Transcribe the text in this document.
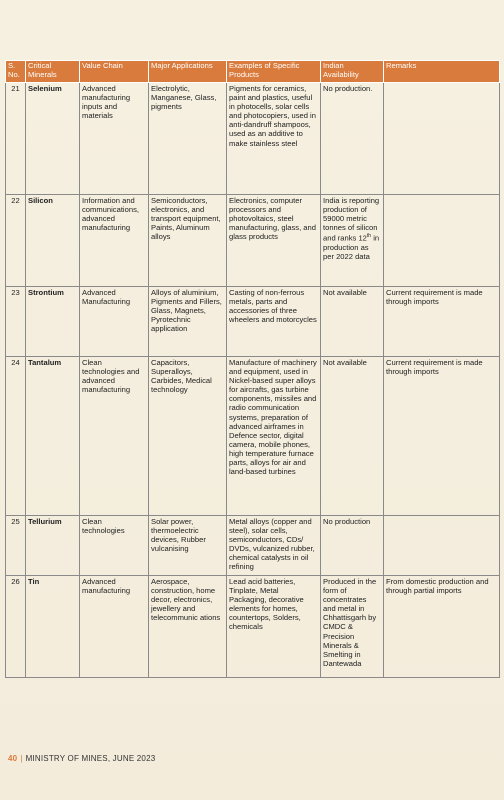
S. No.	Critical Minerals	Value Chain	Major Applications	Examples of Specific Products	Indian Availability	Remarks
21	Selenium	Advanced manufacturing inputs and materials	Electrolytic, Manganese, Glass, pigments	Pigments for ceramics, paint and plastics, useful in photocells, solar cells and photocopiers, used in anti-dandruff shampoos, used as an additive to make stainless steel	No production.	
22	Silicon	Information and communications, advanced manufacturing	Semiconductors, electronics, and transport equipment, Paints, Aluminum alloys	Electronics, computer processors and photovoltaics, steel manufacturing, glass, and glass products	India is reporting production of 59000 metric tonnes of silicon and ranks 12th in production as per 2022 data	
23	Strontium	Advanced Manufacturing	Alloys of aluminium, Pigments and Fillers, Glass, Magnets, Pyrotechnic application	Casting of non-ferrous metals, parts and accessories of three wheelers and motorcycles	Not available	Current requirement is made through imports
24	Tantalum	Clean technologies and advanced manufacturing	Capacitors, Superalloys, Carbides, Medical technology	Manufacture of machinery and equipment, used in Nickel-based super alloys for aircrafts, gas turbine components, missiles and radio communication systems, preparation of advanced airframes in Defence sector, digital camera, mobile phones, high temperature furnace parts, alloys for air and land-based turbines	Not available	Current requirement is made through imports
25	Tellurium	Clean technologies	Solar power, thermoelectric devices, Rubber vulcanising	Metal alloys (copper and steel), solar cells, semiconductors, CDs/ DVDs, vulcanized rubber, chemical catalysts in oil refining	No production	
26	Tin	Advanced manufacturing	Aerospace, construction, home decor, electronics, jewellery and telecommunic ations	Lead acid batteries, Tinplate, Metal Packaging, decorative elements for homes, countertops, Solders, chemicals	Produced in the form of concentrates and metal in Chhattisgarh by CMDC & Precision Minerals & Smelting in Dantewada	From domestic production and through partial imports
40 | MINISTRY OF MINES, JUNE 2023
